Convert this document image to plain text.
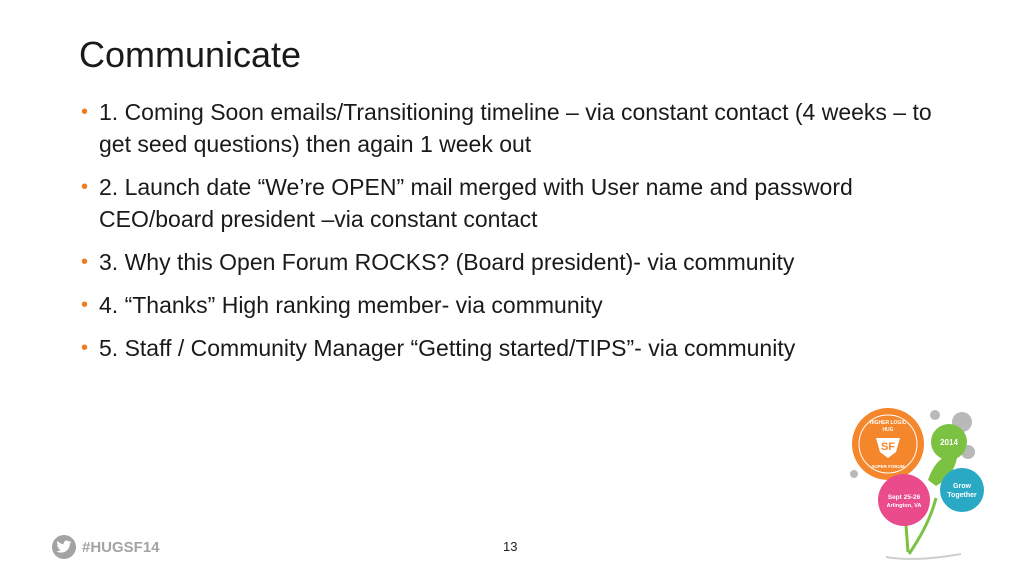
Communicate
• 1. Coming Soon emails/Transitioning timeline – via constant contact (4 weeks – to get seed questions) then again 1 week out
• 2. Launch date “We’re OPEN” mail merged with User name and password CEO/board president –via constant contact
• 3. Why this Open Forum ROCKS? (Board president)- via community
• 4. “Thanks” High ranking member- via community
• 5. Staff / Community Manager “Getting started/TIPS”- via community
#HUGSF14	13
2014
HIGHER LOGIC
HUG
SF
SUPER FORUM
Grow
Together
Sept 25-26
Arlington, VA
